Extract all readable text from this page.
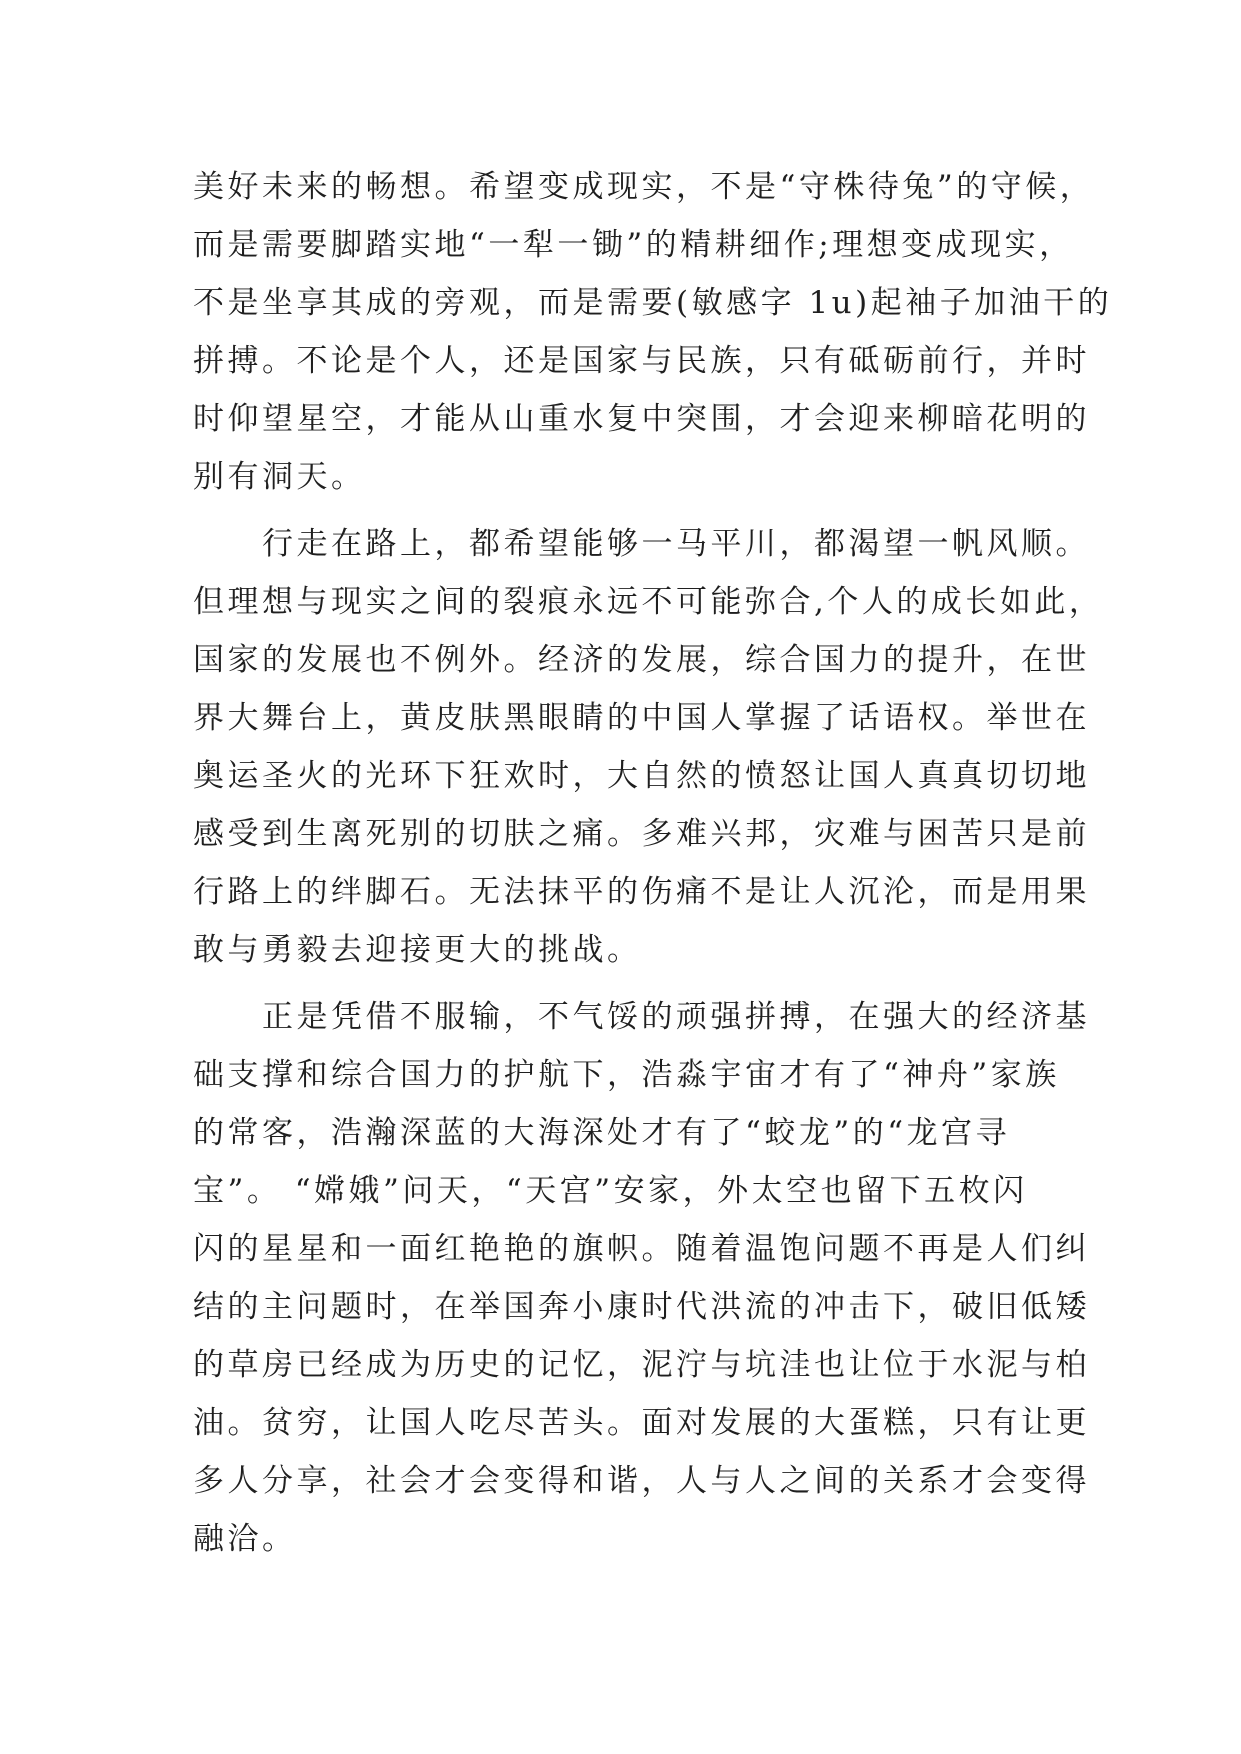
美好未来的畅想。希望变成现实，不是“守株待兔”的守候，
而是需要脚踏实地“一犁一锄”的精耕细作;理想变成现实，
不是坐享其成的旁观，而是需要(敏感字 1u)起袖子加油干的
拼搏。不论是个人，还是国家与民族，只有砥砺前行，并时
时仰望星空，才能从山重水复中突围，才会迎来柳暗花明的
别有洞天。
　　行走在路上，都希望能够一马平川，都渴望一帆风顺。
但理想与现实之间的裂痕永远不可能弥合,个人的成长如此，
国家的发展也不例外。经济的发展，综合国力的提升，在世
界大舞台上，黄皮肤黑眼睛的中国人掌握了话语权。举世在
奥运圣火的光环下狂欢时，大自然的愤怒让国人真真切切地
感受到生离死别的切肤之痛。多难兴邦，灾难与困苦只是前
行路上的绊脚石。无法抹平的伤痛不是让人沉沦，而是用果
敢与勇毅去迎接更大的挑战。
　　正是凭借不服输，不气馁的顽强拼搏，在强大的经济基
础支撑和综合国力的护航下，浩淼宇宙才有了“神舟”家族
的常客，浩瀚深蓝的大海深处才有了“蛟龙”的“龙宫寻
宝”。 “嫦娥”问天，“天宫”安家，外太空也留下五枚闪
闪的星星和一面红艳艳的旗帜。随着温饱问题不再是人们纠
结的主问题时，在举国奔小康时代洪流的冲击下，破旧低矮
的草房已经成为历史的记忆，泥泞与坑洼也让位于水泥与柏
油。贫穷，让国人吃尽苦头。面对发展的大蛋糕，只有让更
多人分享，社会才会变得和谐，人与人之间的关系才会变得
融洽。
